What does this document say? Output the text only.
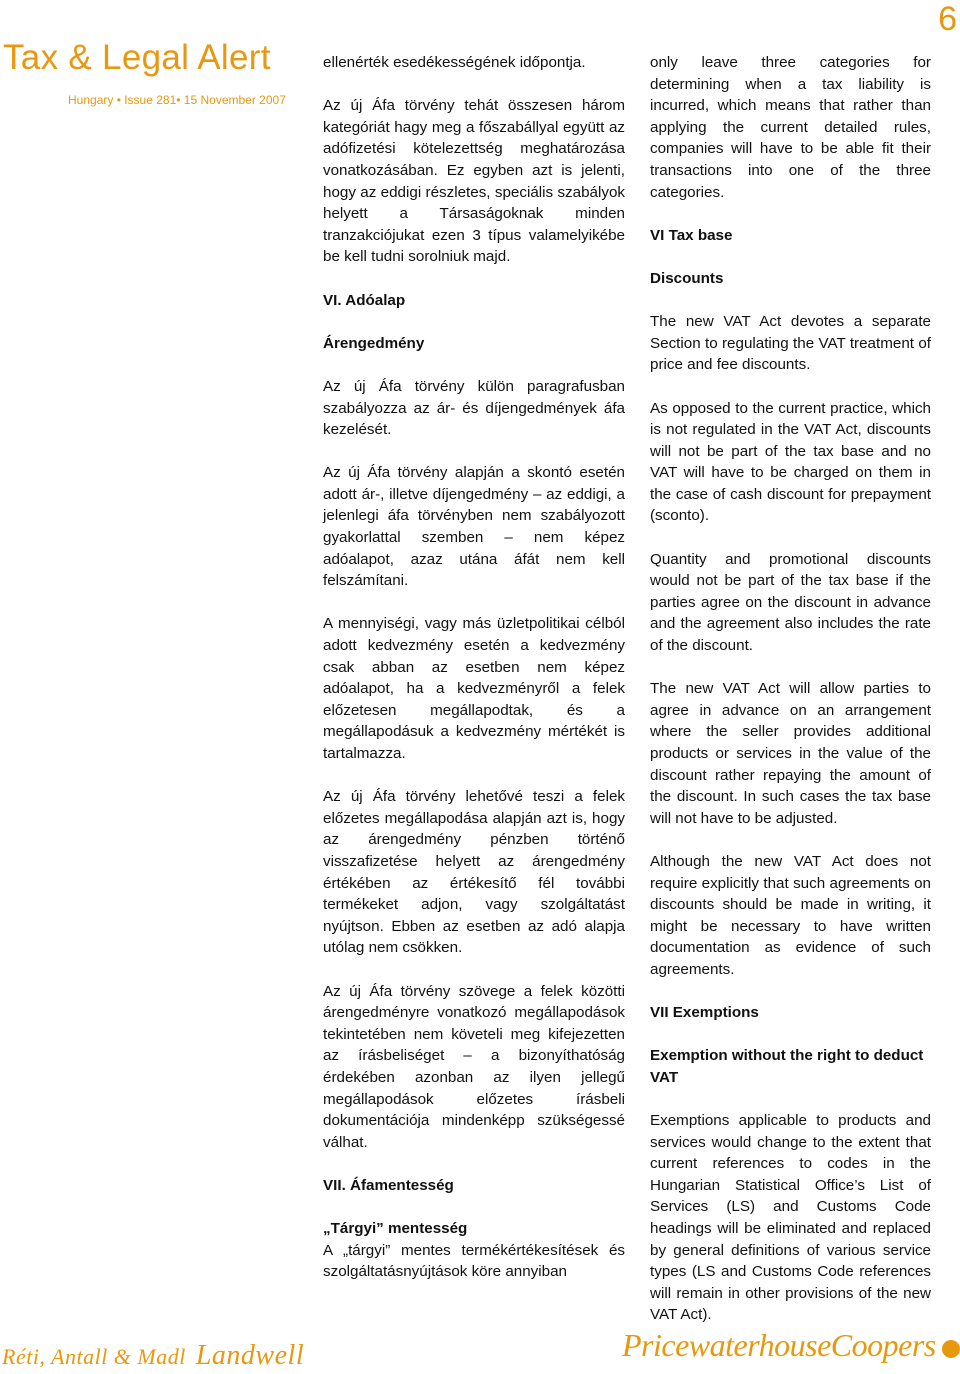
Tax & Legal Alert
Hungary • Issue 281• 15 November 2007
6

ellenérték esedékességének időpontja.

Az új Áfa törvény tehát összesen három kategóriát hagy meg a főszabállyal együtt az adófizetési kötelezettség meghatározása vonatkozásában. Ez egyben azt is jelenti, hogy az eddigi részletes, speciális szabályok helyett a Társaságoknak minden tranzakciójukat ezen 3 típus valamelyikébe be kell tudni sorolniuk majd.

VI. Adóalap
Árengedmény

Az új Áfa törvény külön paragrafusban szabályozza az ár- és díjengedmények áfa kezelését.

Az új Áfa törvény alapján a skontó esetén adott ár-, illetve díjengedmény – az eddigi, a jelenlegi áfa törvényben nem szabályozott gyakorlattal szemben – nem képez adóalapot, azaz utána áfát nem kell felszámítani.

A mennyiségi, vagy más üzletpolitikai célból adott kedvezmény esetén a kedvezmény csak abban az esetben nem képez adóalapot, ha a kedvezményről a felek előzetesen megállapodtak, és a megállapodásuk a kedvezmény mértékét is tartalmazza.

Az új Áfa törvény lehetővé teszi a felek előzetes megállapodása alapján azt is, hogy az árengedmény pénzben történő visszafizetése helyett az árengedmény értékében az értékesítő fél további termékeket adjon, vagy szolgáltatást nyújtson. Ebben az esetben az adó alapja utólag nem csökken.

Az új Áfa törvény szövege a felek közötti árengedményre vonatkozó megállapodások tekintetében nem követeli meg kifejezetten az írásbeliséget – a bizonyíthatóság érdekében azonban az ilyen jellegű megállapodások előzetes írásbeli dokumentációja mindenképp szükségessé válhat.

VII. Áfamentesség
„Tárgyi” mentesség

A „tárgyi” mentes termékértékesítések és szolgáltatásnyújtások köre annyiban

only leave three categories for determining when a tax liability is incurred, which means that rather than applying the current detailed rules, companies will have to be able fit their transactions into one of the three categories.

VI Tax base
Discounts

The new VAT Act devotes a separate Section to regulating the VAT treatment of price and fee discounts.

As opposed to the current practice, which is not regulated in the VAT Act, discounts will not be part of the tax base and no VAT will have to be charged on them in the case of cash discount for prepayment (sconto).

Quantity and promotional discounts would not be part of the tax base if the parties agree on the discount in advance and the agreement also includes the rate of the discount.

The new VAT Act will allow parties to agree in advance on an arrangement where the seller provides additional products or services in the value of the discount rather repaying the amount of the discount. In such cases the tax base will not have to be adjusted.

Although the new VAT Act does not require explicitly that such agreements on discounts should be made in writing, it might be necessary to have written documentation as evidence of such agreements.

VII Exemptions
Exemption without the right to deduct VAT

Exemptions applicable to products and services would change to the extent that current references to codes in the Hungarian Statistical Office’s List of Services (LS) and Customs Code headings will be eliminated and replaced by general definitions of various service types (LS and Customs Code references will remain in other provisions of the new VAT Act).

Réti, Antall & Madl Landwell	PricewaterhouseCoopers
